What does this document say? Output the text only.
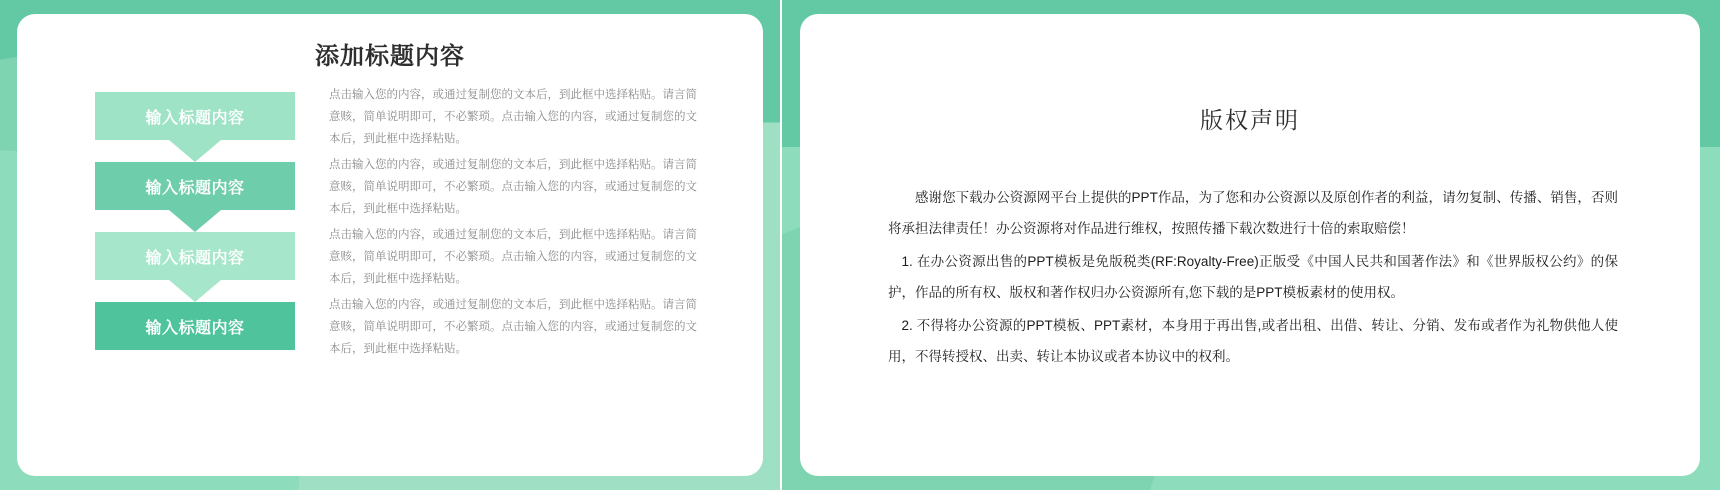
添加标题内容
输入标题内容
点击输入您的内容，或通过复制您的文本后，到此框中选择粘贴。请言简意赅，简单说明即可，不必繁琐。点击输入您的内容，或通过复制您的文本后，到此框中选择粘贴。
输入标题内容
点击输入您的内容，或通过复制您的文本后，到此框中选择粘贴。请言简意赅，简单说明即可，不必繁琐。点击输入您的内容，或通过复制您的文本后，到此框中选择粘贴。
输入标题内容
点击输入您的内容，或通过复制您的文本后，到此框中选择粘贴。请言简意赅，简单说明即可，不必繁琐。点击输入您的内容，或通过复制您的文本后，到此框中选择粘贴。
输入标题内容
点击输入您的内容，或通过复制您的文本后，到此框中选择粘贴。请言简意赅，简单说明即可，不必繁琐。点击输入您的内容，或通过复制您的文本后，到此框中选择粘贴。
版权声明

感谢您下载办公资源网平台上提供的PPT作品，为了您和办公资源以及原创作者的利益，请勿复制、传播、销售，否则将承担法律责任！办公资源将对作品进行维权，按照传播下载次数进行十倍的索取赔偿！

1. 在办公资源出售的PPT模板是免版税类(RF:Royalty-Free)正版受《中国人民共和国著作法》和《世界版权公约》的保护，作品的所有权、版权和著作权归办公资源所有,您下载的是PPT模板素材的使用权。

2. 不得将办公资源的PPT模板、PPT素材，本身用于再出售,或者出租、出借、转让、分销、发布或者作为礼物供他人使用，不得转授权、出卖、转让本协议或者本协议中的权利。
